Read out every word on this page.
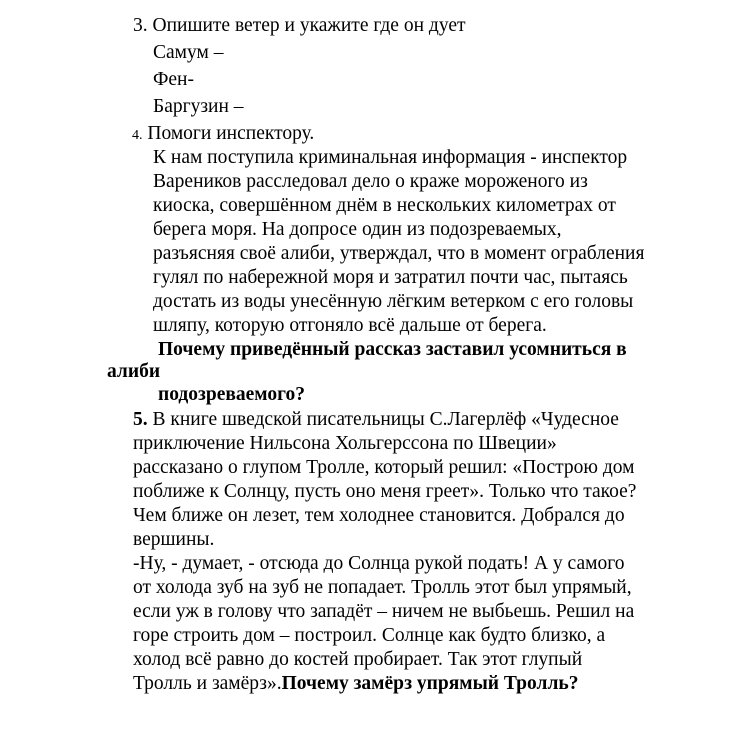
3. Опишите ветер и укажите где он дует
Самум –
Фен-
Баргузин –
4. Помоги инспектору.
К нам поступила криминальная информация - инспектор
Вареников расследовал дело о краже мороженого из
киоска, совершённом днём в нескольких километрах от
берега моря. На допросе один из подозреваемых,
разъясняя своё алиби, утверждал, что в момент ограбления
гулял по набережной моря и затратил почти час, пытаясь
достать из воды унесённую лёгким ветерком с его головы
шляпу, которую отгоняло всё дальше от берега.
Почему приведённый рассказ заставил усомниться в
алиби
подозреваемого?
5. В книге шведской писательницы С.Лагерлёф «Чудесное
приключение Нильсона Хольгерссона по Швеции»
рассказано о глупом Тролле, который решил: «Построю дом
поближе к Солнцу, пусть оно меня греет». Только что такое?
Чем ближе он лезет, тем холоднее становится. Добрался до
вершины.
-Ну, - думает, - отсюда до Солнца рукой подать! А у самого
от холода зуб на зуб не попадает. Тролль этот был упрямый,
если уж в голову что западёт – ничем не выбьешь. Решил на
горе строить дом – построил. Солнце как будто близко, а
холод всё равно до костей пробирает. Так этот глупый
Тролль и замёрз».Почему замёрз упрямый Тролль?
